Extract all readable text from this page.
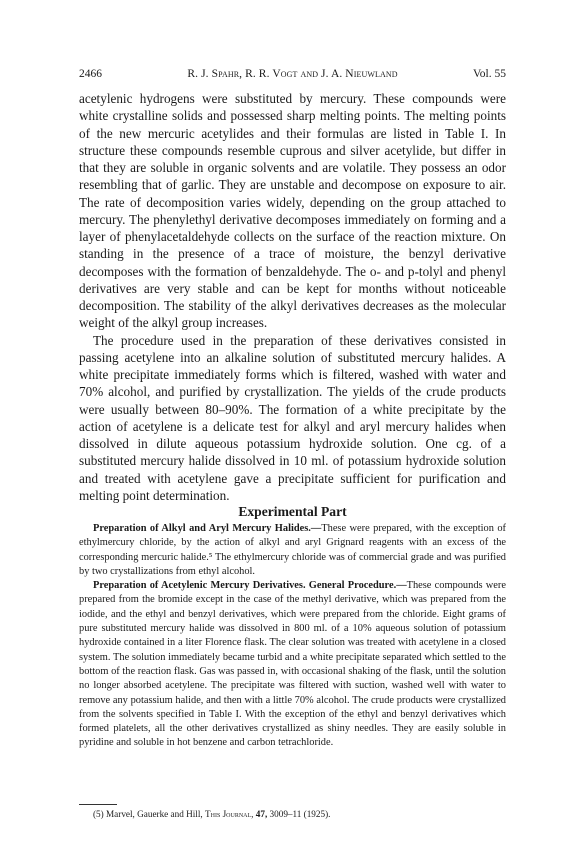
2466	R. J. Spahr, R. R. Vogt and J. A. Nieuwland	Vol. 55

acetylenic hydrogens were substituted by mercury. These compounds were white crystalline solids and possessed sharp melting points. The melting points of the new mercuric acetylides and their formulas are listed in Table I. In structure these compounds resemble cuprous and silver acetylide, but differ in that they are soluble in organic solvents and are volatile. They possess an odor resembling that of garlic. They are unstable and decompose on exposure to air. The rate of decomposition varies widely, depending on the group attached to mercury. The phenylethyl derivative decomposes immediately on forming and a layer of phenylacetaldehyde collects on the surface of the reaction mixture. On standing in the presence of a trace of moisture, the benzyl derivative decomposes with the formation of benzaldehyde. The o- and p-tolyl and phenyl derivatives are very stable and can be kept for months without noticeable decomposition. The stability of the alkyl derivatives decreases as the molecular weight of the alkyl group increases.

The procedure used in the preparation of these derivatives consisted in passing acetylene into an alkaline solution of substituted mercury halides. A white precipitate immediately forms which is filtered, washed with water and 70% alcohol, and purified by crystallization. The yields of the crude products were usually between 80–90%. The formation of a white precipitate by the action of acetylene is a delicate test for alkyl and aryl mercury halides when dissolved in dilute aqueous potassium hydroxide solution. One cg. of a substituted mercury halide dissolved in 10 ml. of potassium hydroxide solution and treated with acetylene gave a precipitate sufficient for purification and melting point determination.

Experimental Part

Preparation of Alkyl and Aryl Mercury Halides.—These were prepared, with the exception of ethylmercury chloride, by the action of alkyl and aryl Grignard reagents with an excess of the corresponding mercuric halide.⁵ The ethylmercury chloride was of commercial grade and was purified by two crystallizations from ethyl alcohol.

Preparation of Acetylenic Mercury Derivatives. General Procedure.—These compounds were prepared from the bromide except in the case of the methyl derivative, which was prepared from the iodide, and the ethyl and benzyl derivatives, which were prepared from the chloride. Eight grams of pure substituted mercury halide was dissolved in 800 ml. of a 10% aqueous solution of potassium hydroxide contained in a liter Florence flask. The clear solution was treated with acetylene in a closed system. The solution immediately became turbid and a white precipitate separated which settled to the bottom of the reaction flask. Gas was passed in, with occasional shaking of the flask, until the solution no longer absorbed acetylene. The precipitate was filtered with suction, washed well with water to remove any potassium halide, and then with a little 70% alcohol. The crude products were crystallized from the solvents specified in Table I. With the exception of the ethyl and benzyl derivatives which formed platelets, all the other derivatives crystallized as shiny needles. They are easily soluble in pyridine and soluble in hot benzene and carbon tetrachloride.

(5) Marvel, Gauerke and Hill, This Journal, 47, 3009–11 (1925).
